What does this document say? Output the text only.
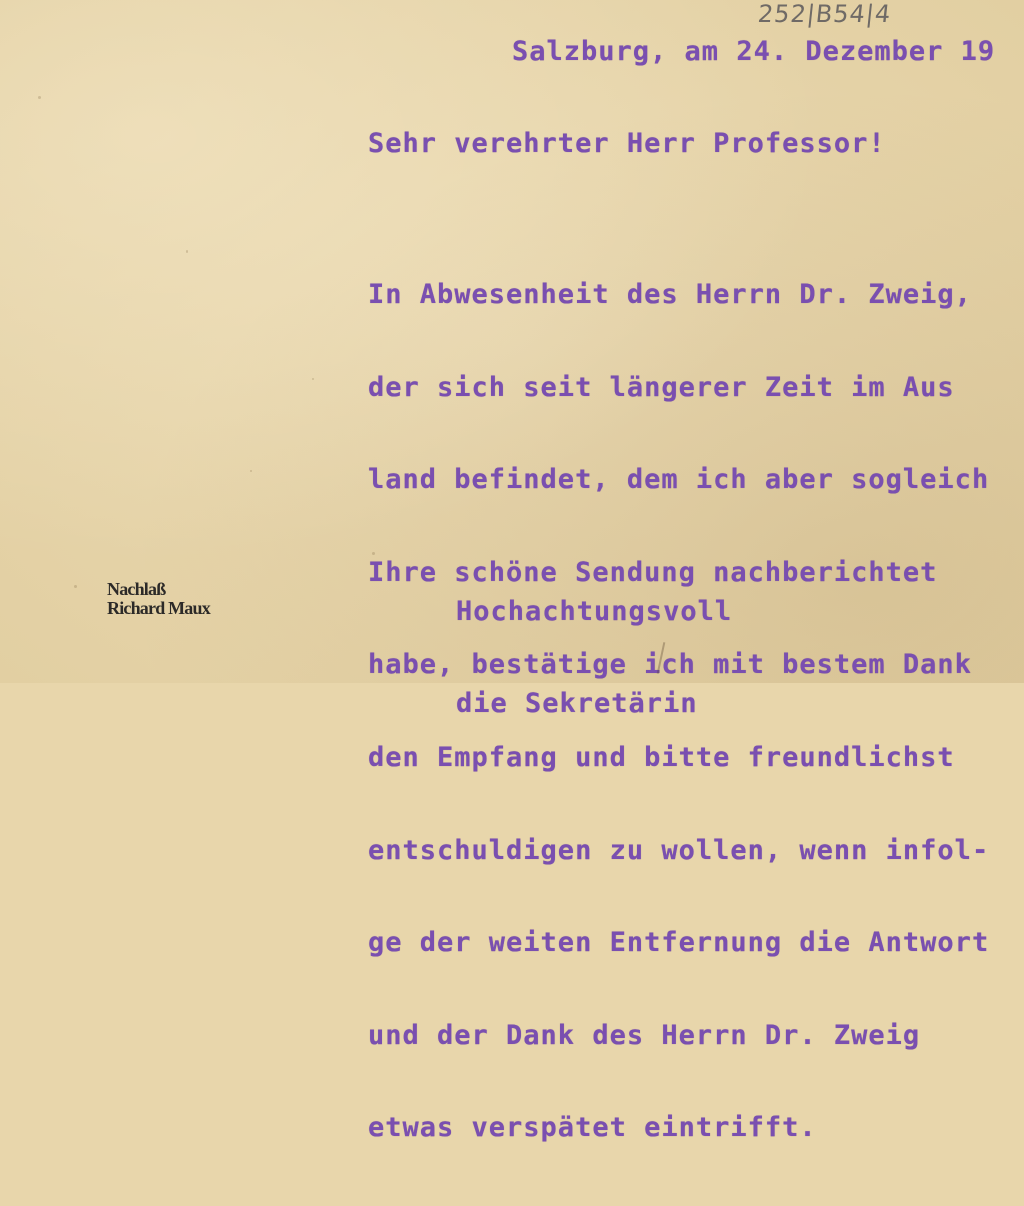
252|B54|4
Salzburg, am 24. Dezember 19
Sehr verehrter Herr Professor!

In Abwesenheit des Herrn Dr. Zweig,

der sich seit längerer Zeit im Aus

land befindet, dem ich aber sogleich

Ihre schöne Sendung nachberichtet

habe, bestätige ich mit bestem Dank

den Empfang und bitte freundlichst

entschuldigen zu wollen, wenn infol-

ge der weiten Entfernung die Antwort

und der Dank des Herrn Dr. Zweig

etwas verspätet eintrifft.

Hochachtungsvoll

die Sekretärin

Nachlaß
Richard Maux
